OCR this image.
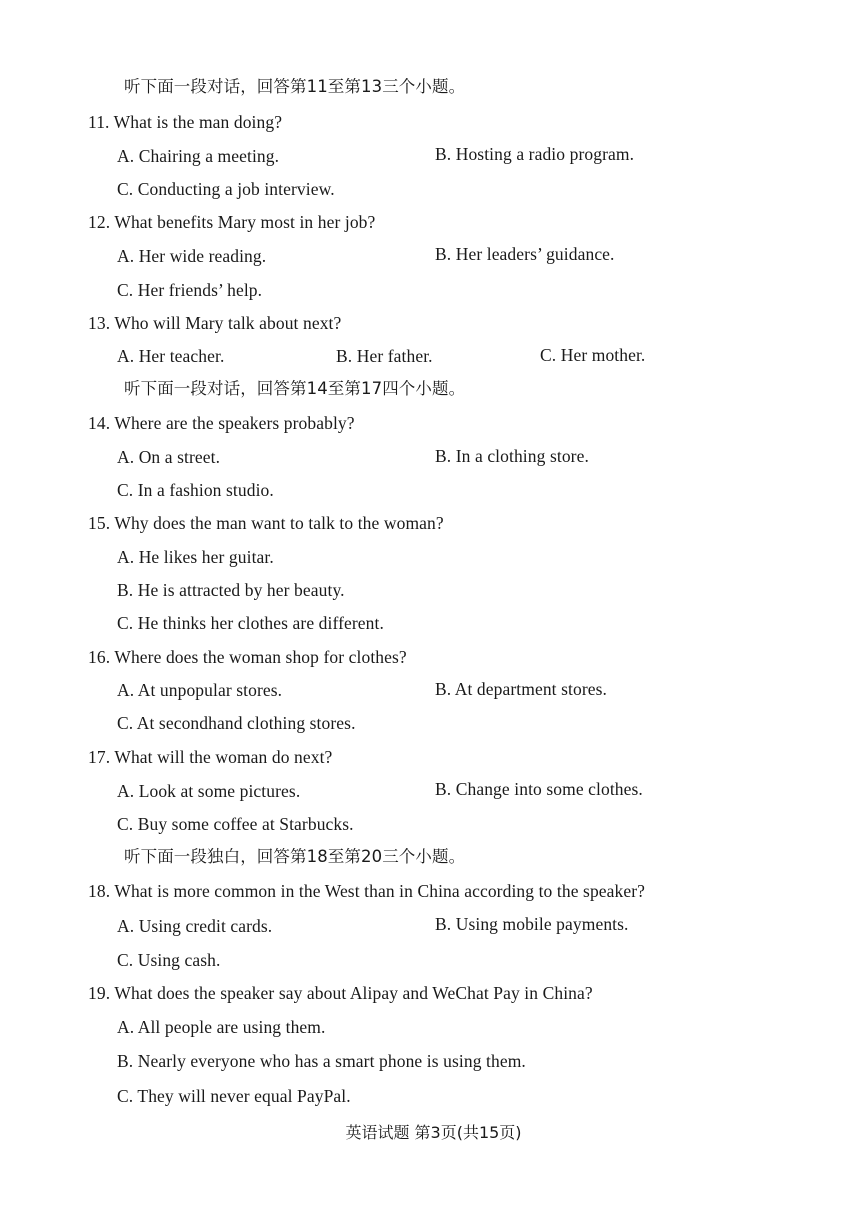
听下面一段对话，回答第11至第13三个小题。
11. What is the man doing?
A. Chairing a meeting.	B. Hosting a radio program.
C. Conducting a job interview.
12. What benefits Mary most in her job?
A. Her wide reading.	B. Her leaders’ guidance.
C. Her friends’ help.
13. Who will Mary talk about next?
A. Her teacher.	B. Her father.	C. Her mother.
听下面一段对话，回答第14至第17四个小题。
14. Where are the speakers probably?
A. On a street.	B. In a clothing store.
C. In a fashion studio.
15. Why does the man want to talk to the woman?
A. He likes her guitar.
B. He is attracted by her beauty.
C. He thinks her clothes are different.
16. Where does the woman shop for clothes?
A. At unpopular stores.	B. At department stores.
C. At secondhand clothing stores.
17. What will the woman do next?
A. Look at some pictures.	B. Change into some clothes.
C. Buy some coffee at Starbucks.
听下面一段独白，回答第18至第20三个小题。
18. What is more common in the West than in China according to the speaker?
A. Using credit cards.	B. Using mobile payments.
C. Using cash.
19. What does the speaker say about Alipay and WeChat Pay in China?
A. All people are using them.
B. Nearly everyone who has a smart phone is using them.
C. They will never equal PayPal.
英语试题 第3页(共15页)
